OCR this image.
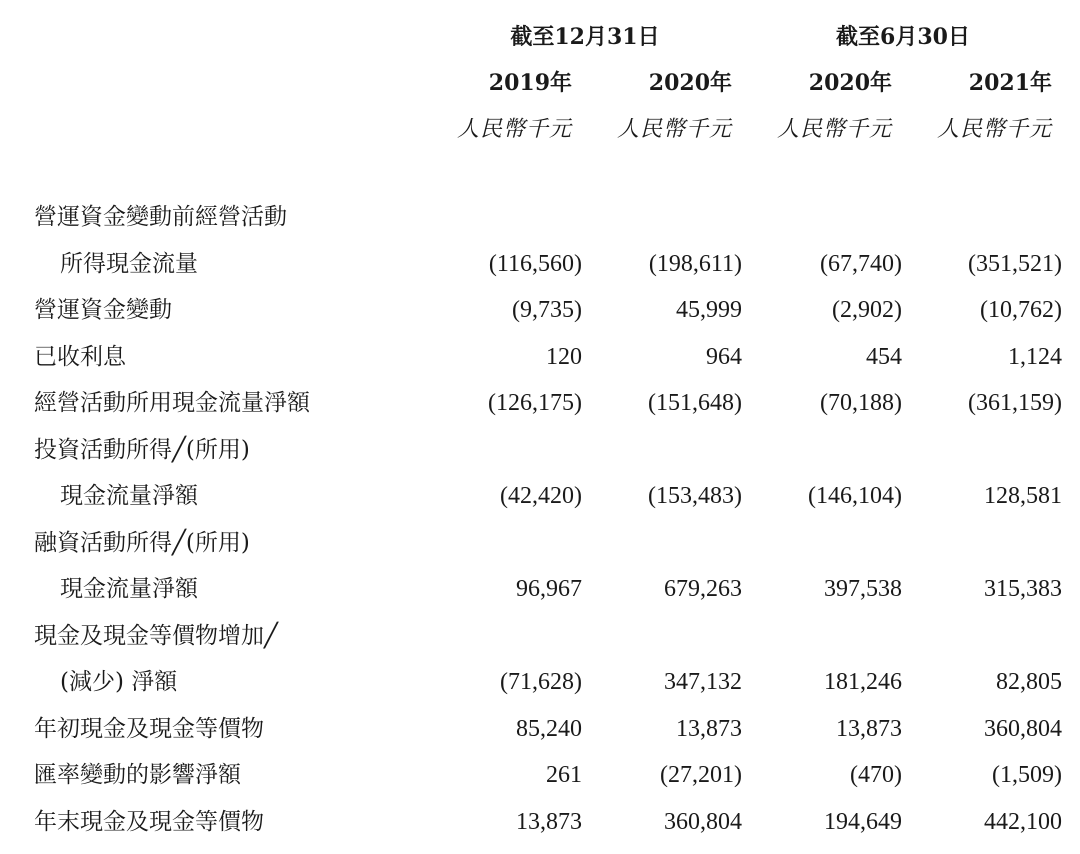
截至12月31日	截至6月30日
2019年	2020年	2020年	2021年
人民幣千元 人民幣千元 人民幣千元 人民幣千元
營運資金變動前經營活動
所得現金流量	(116,560)	(198,611)	(67,740)	(351,521)
營運資金變動	(9,735)	45,999	(2,902)	(10,762)
已收利息	120	964	454	1,124
經營活動所用現金流量淨額	(126,175)	(151,648)	(70,188)	(361,159)
投資活動所得╱(所用)
現金流量淨額	(42,420)	(153,483)	(146,104)	128,581
融資活動所得╱(所用)
現金流量淨額	96,967	679,263	397,538	315,383
現金及現金等價物增加╱
(減少) 淨額	(71,628)	347,132	181,246	82,805
年初現金及現金等價物	85,240	13,873	13,873	360,804
匯率變動的影響淨額	261	(27,201)	(470)	(1,509)
年末現金及現金等價物	13,873	360,804	194,649	442,100
